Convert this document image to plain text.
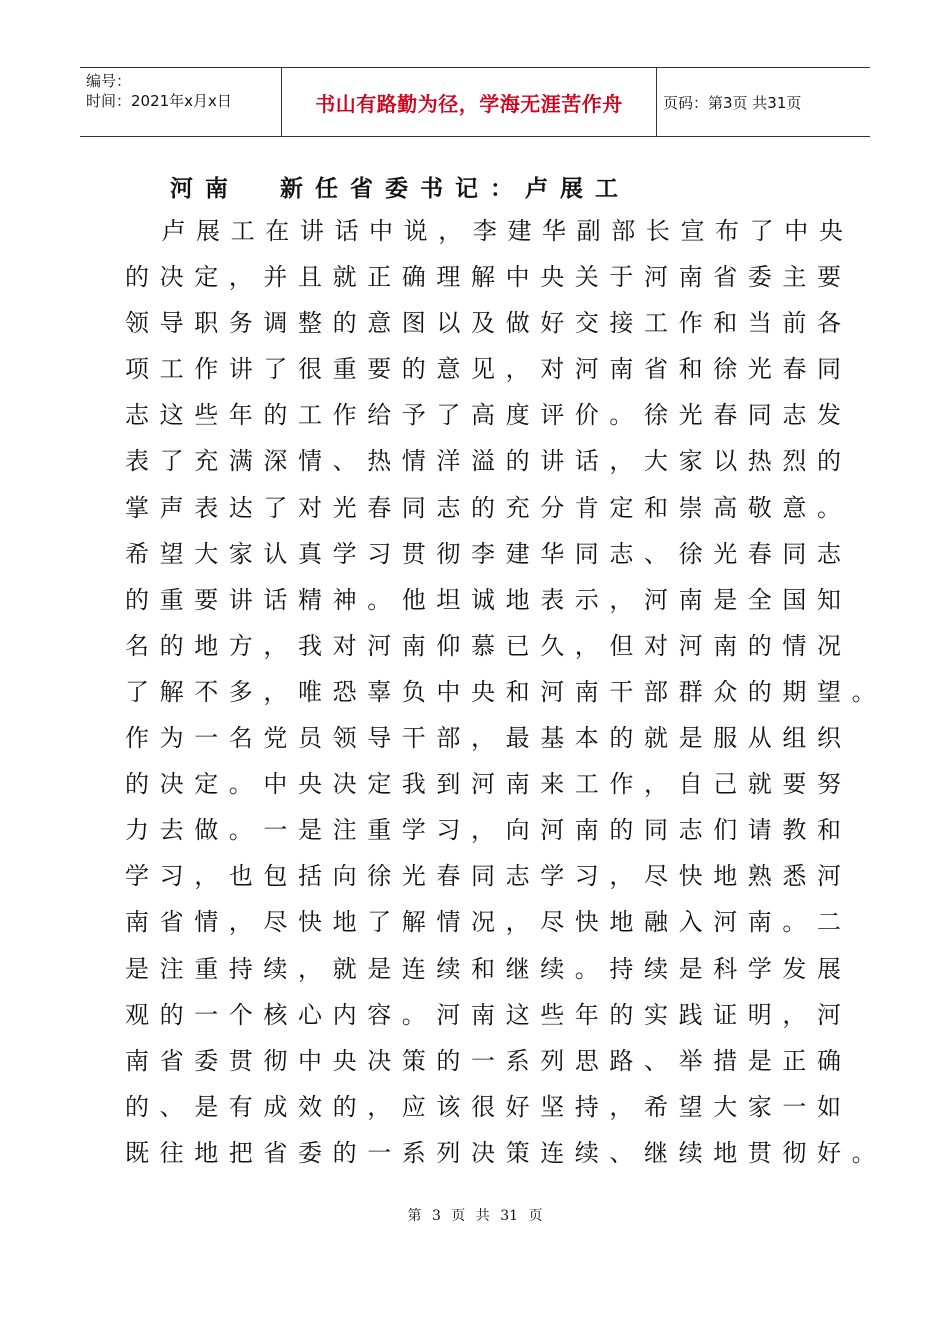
编号：
时间：2021年x月x日	书山有路勤为径，学海无涯苦作舟	页码：第3页 共31页
河南  新任省委书记：卢展工
卢展工在讲话中说，李建华副部长宣布了中央
的决定，并且就正确理解中央关于河南省委主要
领导职务调整的意图以及做好交接工作和当前各
项工作讲了很重要的意见，对河南省和徐光春同
志这些年的工作给予了高度评价。徐光春同志发
表了充满深情、热情洋溢的讲话，大家以热烈的
掌声表达了对光春同志的充分肯定和崇高敬意。
希望大家认真学习贯彻李建华同志、徐光春同志
的重要讲话精神。他坦诚地表示，河南是全国知
名的地方，我对河南仰慕已久，但对河南的情况
了解不多，唯恐辜负中央和河南干部群众的期望。
作为一名党员领导干部，最基本的就是服从组织
的决定。中央决定我到河南来工作，自己就要努
力去做。一是注重学习，向河南的同志们请教和
学习，也包括向徐光春同志学习，尽快地熟悉河
南省情，尽快地了解情况，尽快地融入河南。二
是注重持续，就是连续和继续。持续是科学发展
观的一个核心内容。河南这些年的实践证明，河
南省委贯彻中央决策的一系列思路、举措是正确
的、是有成效的，应该很好坚持，希望大家一如
既往地把省委的一系列决策连续、继续地贯彻好。
第 3 页 共 31 页
